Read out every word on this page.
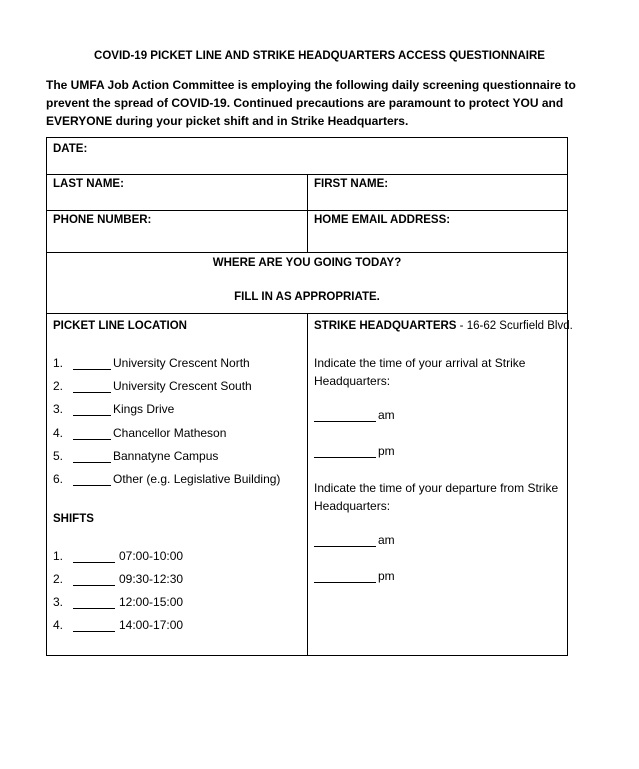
COVID-19 PICKET LINE AND STRIKE HEADQUARTERS ACCESS QUESTIONNAIRE

The UMFA Job Action Committee is employing the following daily screening questionnaire to prevent the spread of COVID-19. Continued precautions are paramount to protect YOU and EVERYONE during your picket shift and in Strike Headquarters.

DATE:
LAST NAME:	FIRST NAME:
PHONE NUMBER:	HOME EMAIL ADDRESS:
WHERE ARE YOU GOING TODAY?
FILL IN AS APPROPRIATE.
PICKET LINE LOCATION
1.	University Crescent North
2.	University Crescent South
3.	Kings Drive
4.	Chancellor Matheson
5.	Bannatyne Campus
6.	Other (e.g. Legislative Building)
SHIFTS
1.	07:00-10:00
2.	09:30-12:30
3.	12:00-15:00
4.	14:00-17:00
STRIKE HEADQUARTERS - 16-62 Scurfield Blvd.
Indicate the time of your arrival at Strike Headquarters:
am
pm
Indicate the time of your departure from Strike Headquarters:
am
pm
